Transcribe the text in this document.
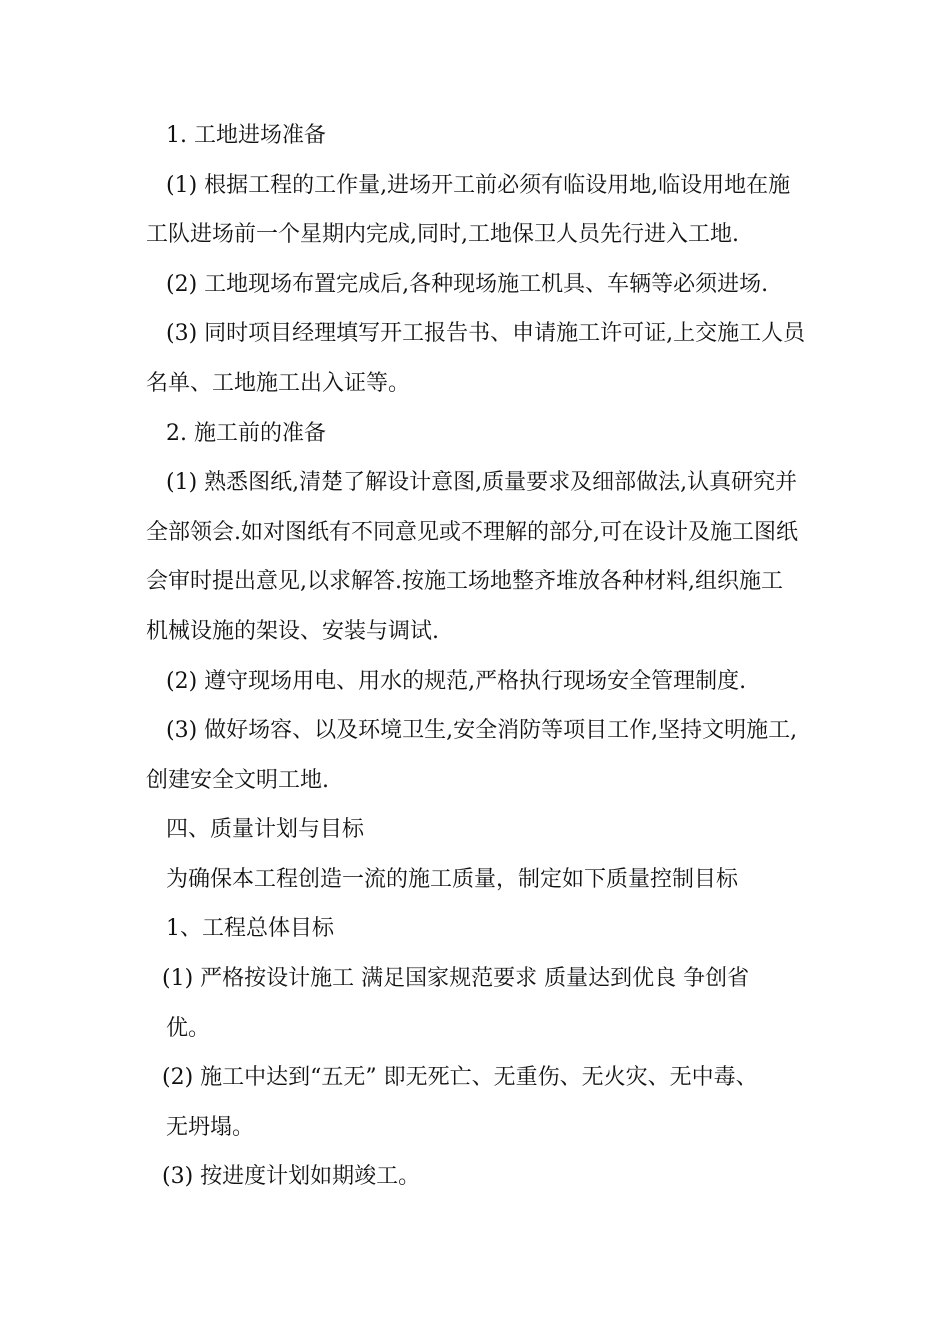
1. 工地进场准备
(1) 根据工程的工作量,进场开工前必须有临设用地,临设用地在施
工队进场前一个星期内完成,同时,工地保卫人员先行进入工地.
(2) 工地现场布置完成后,各种现场施工机具、车辆等必须进场.
(3) 同时项目经理填写开工报告书、申请施工许可证,上交施工人员
名单、工地施工出入证等。
2. 施工前的准备
(1) 熟悉图纸,清楚了解设计意图,质量要求及细部做法,认真研究并
全部领会.如对图纸有不同意见或不理解的部分,可在设计及施工图纸
会审时提出意见,以求解答.按施工场地整齐堆放各种材料,组织施工
机械设施的架设、安装与调试.
(2) 遵守现场用电、用水的规范,严格执行现场安全管理制度.
(3) 做好场容、以及环境卫生,安全消防等项目工作,坚持文明施工,
创建安全文明工地.
四、质量计划与目标
为确保本工程创造一流的施工质量，制定如下质量控制目标
1、工程总体目标
(1) 严格按设计施工 满足国家规范要求 质量达到优良 争创省
优。
(2) 施工中达到“五无” 即无死亡、无重伤、无火灾、无中毒、
无坍塌。
(3) 按进度计划如期竣工。
